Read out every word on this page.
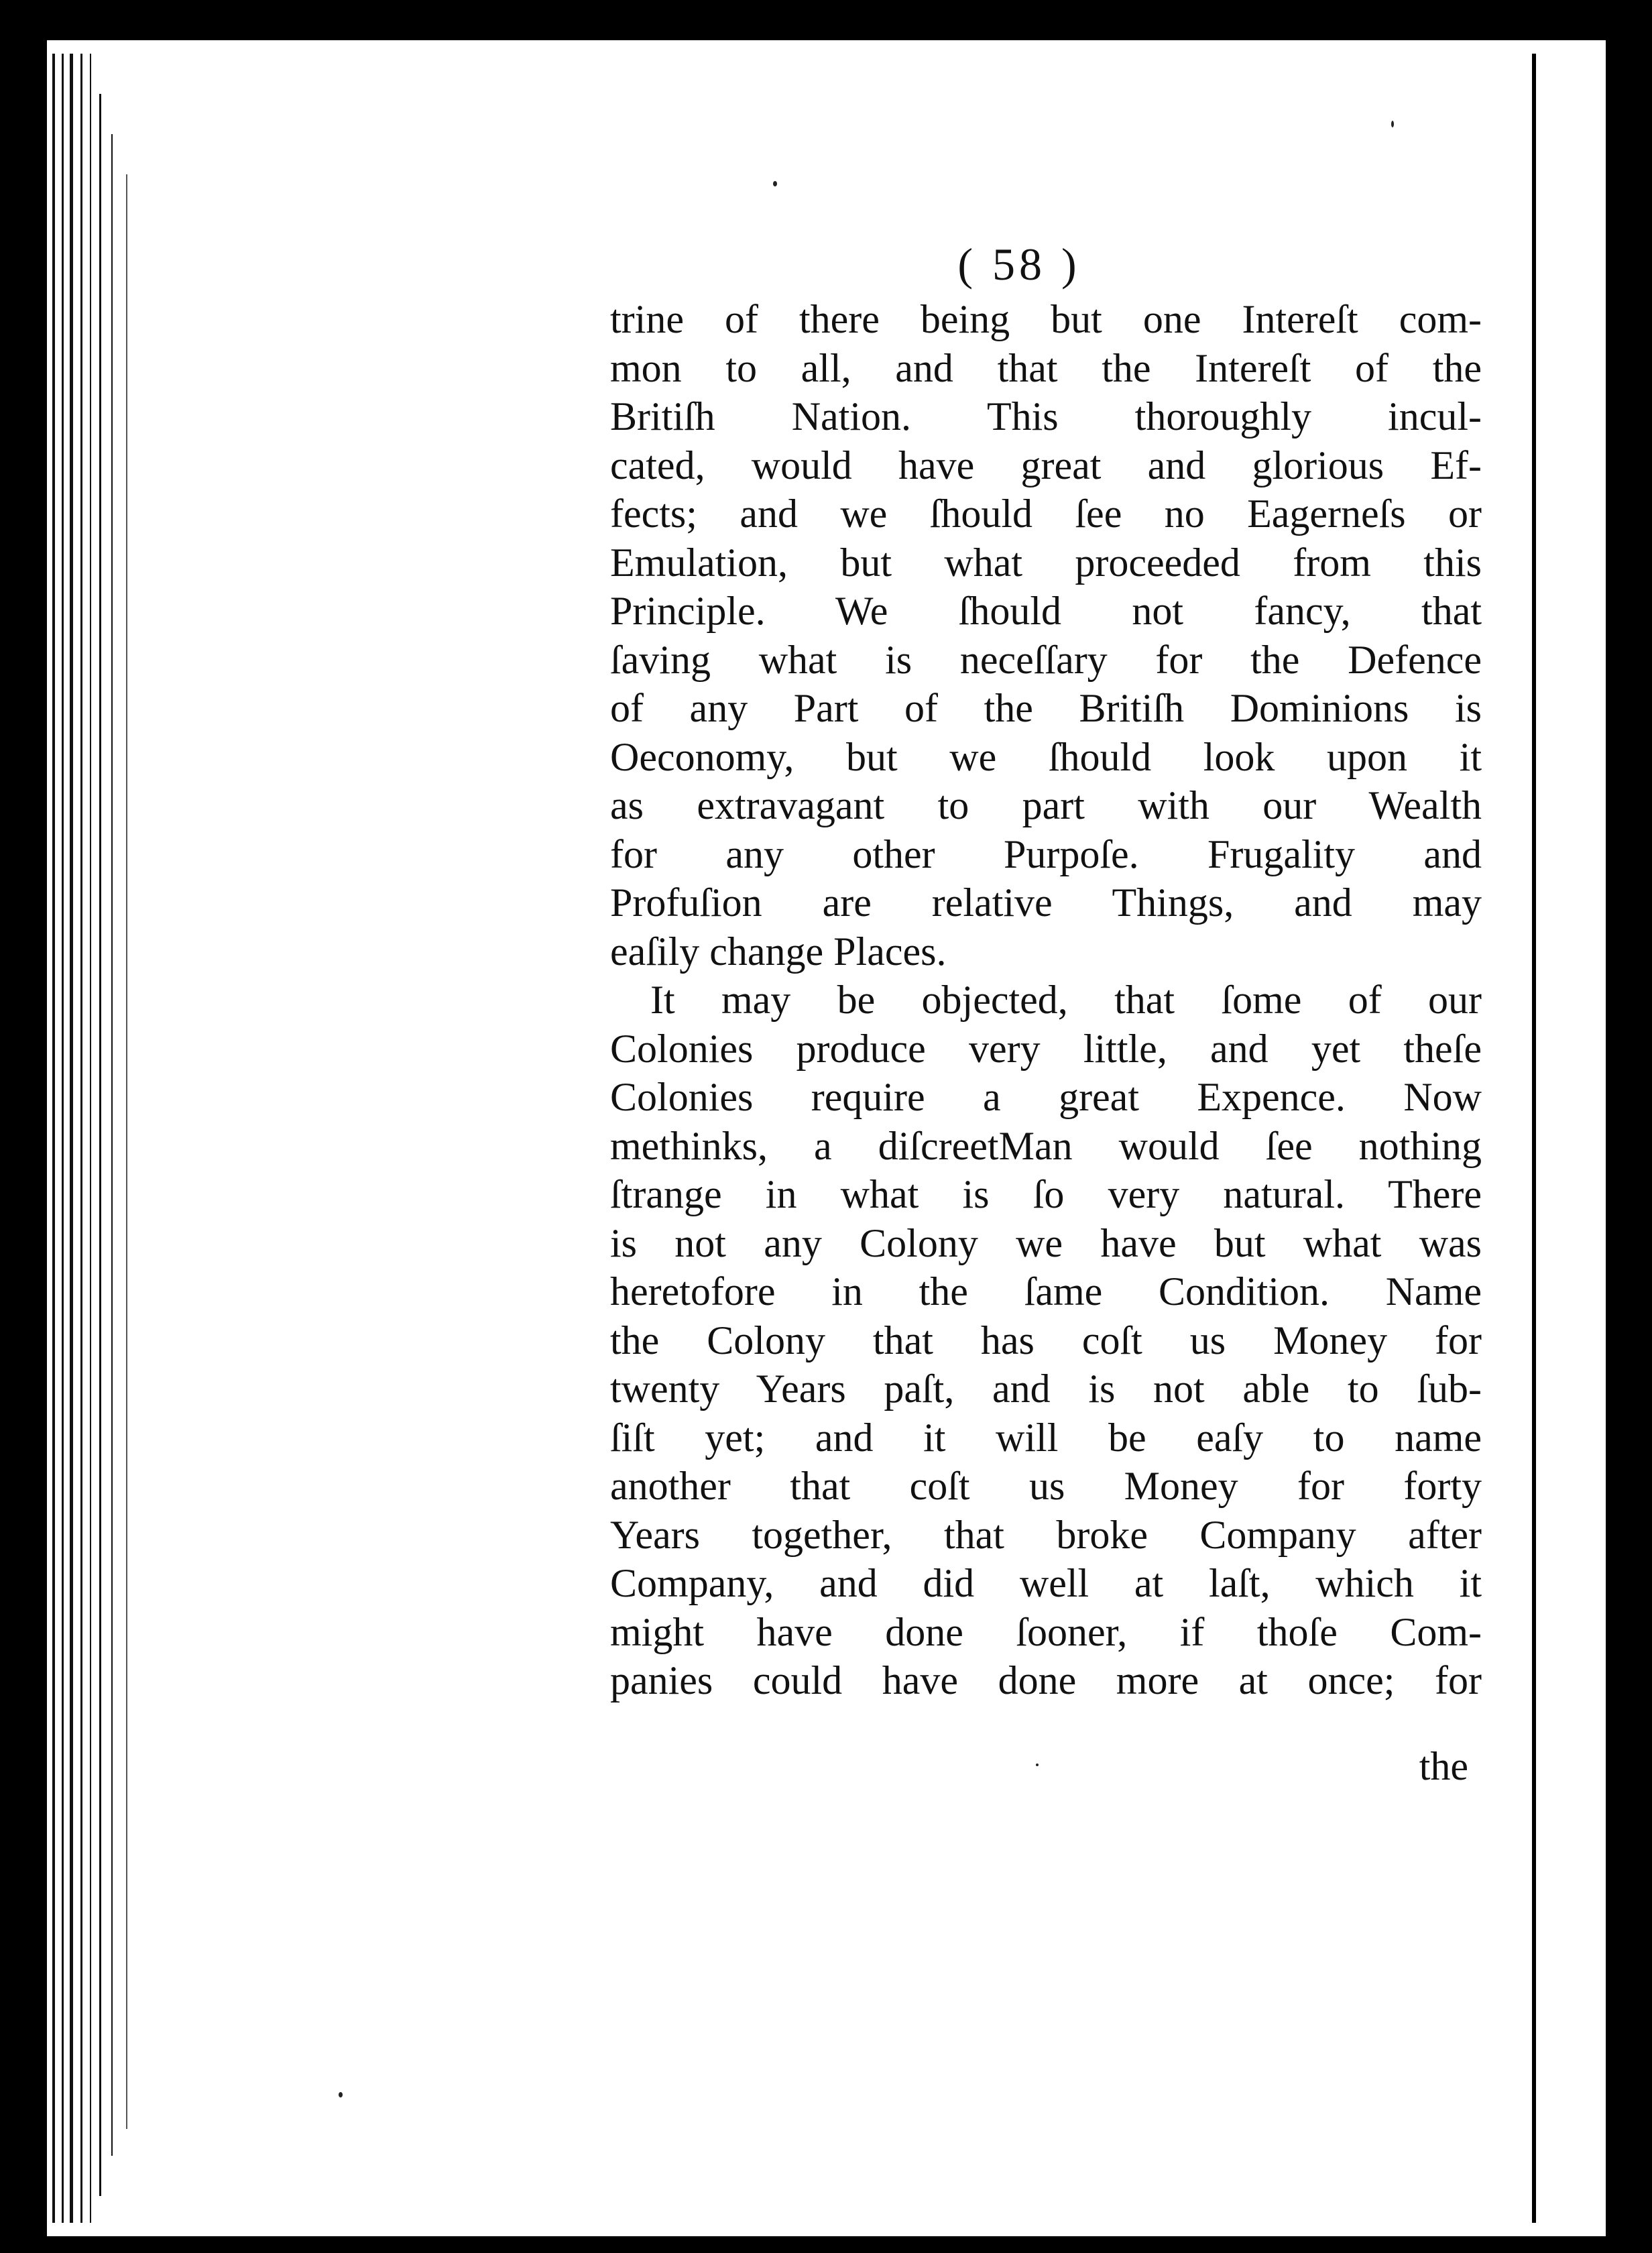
( 58 )
trine of there being but one Intereſt com-
mon to all, and that the Intereſt of the
Britiſh Nation. This thoroughly incul-
cated, would have great and glorious Ef-
fects; and we ſhould ſee no Eagerneſs or
Emulation, but what proceeded from this
Principle. We ſhould not fancy, that
ſaving what is neceſſary for the Defence
of any Part of the Britiſh Dominions is
Oeconomy, but we ſhould look upon it
as extravagant to part with our Wealth
for any other Purpoſe. Frugality and
Profuſion are relative Things, and may
eaſily change Places.
It may be objected, that ſome of our
Colonies produce very little, and yet theſe
Colonies require a great Expence. Now
methinks, a diſcreetMan would ſee nothing
ſtrange in what is ſo very natural. There
is not any Colony we have but what was
heretofore in the ſame Condition. Name
the Colony that has coſt us Money for
twenty Years paſt, and is not able to ſub-
ſiſt yet; and it will be eaſy to name
another that coſt us Money for forty
Years together, that broke Company after
Company, and did well at laſt, which it
might have done ſooner, if thoſe Com-
panies could have done more at once; for
the
